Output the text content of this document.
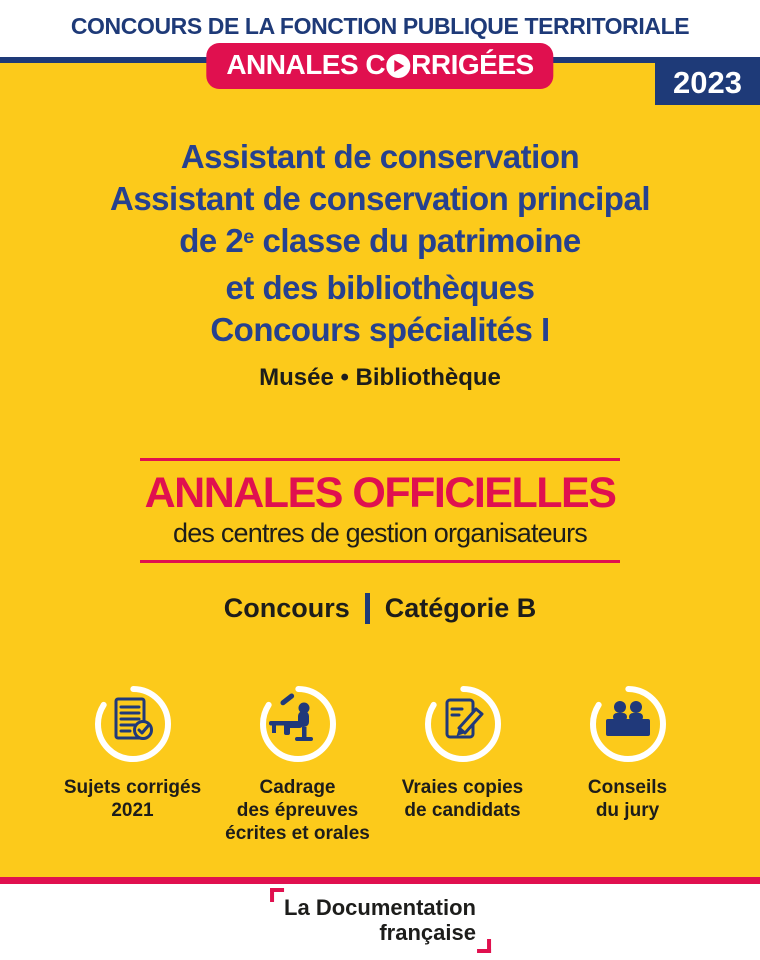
CONCOURS DE LA FONCTION PUBLIQUE TERRITORIALE
ANNALES C RRIGÉES	2023
Assistant de conservation
Assistant de conservation principal
de 2e classe du patrimoine
et des bibliothèques
Concours spécialités I
Musée • Bibliothèque
ANNALES OFFICIELLES
des centres de gestion organisateurs
Concours Catégorie B
Sujets corrigés
2021
Cadrage
des épreuves
écrites et orales
Vraies copies
de candidats
Conseils
du jury
La Documentation
française
